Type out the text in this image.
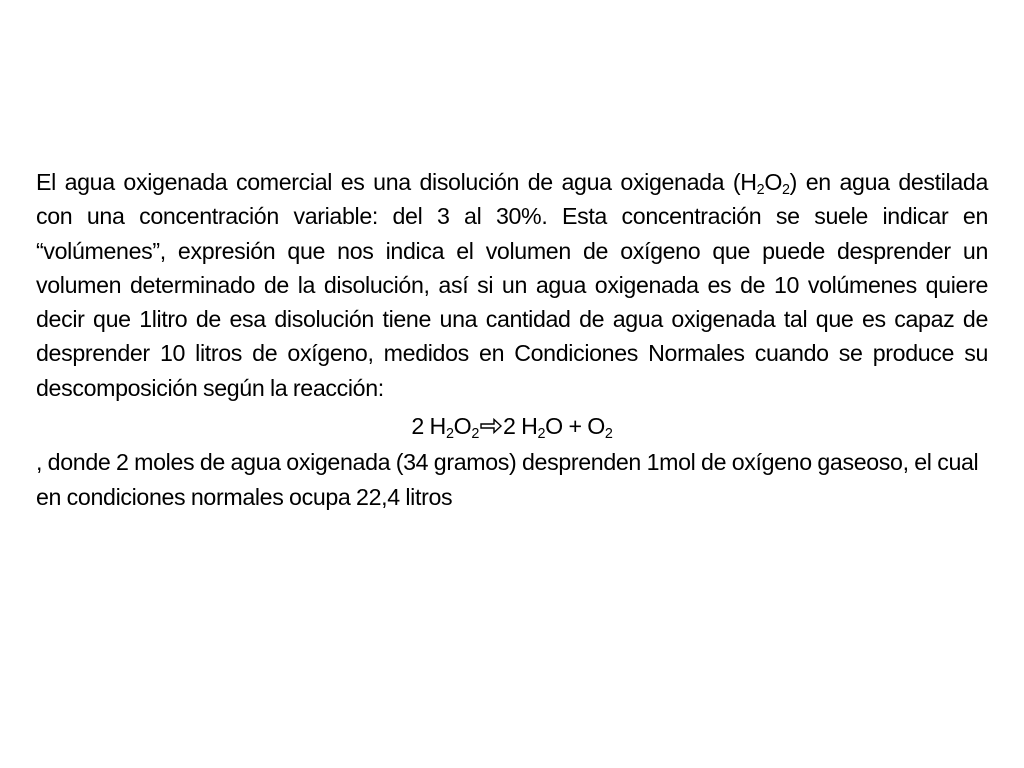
El agua oxigenada comercial es una disolución de agua oxigenada $(H_2O_2)$ en agua destilada con una concentración variable: del 3 al 30%. Esta concentración se suele indicar en “volúmenes”, expresión que nos indica el volumen de oxígeno que puede desprender un volumen determinado de la disolución, así si un agua oxigenada es de 10 volúmenes quiere decir que 1litro de esa disolución tiene una cantidad de agua oxigenada tal que es capaz de desprender 10 litros de oxígeno, medidos en Condiciones Normales cuando se produce su descomposición según la reacción:

2 $H_2O_2$ 2 $H_2O + O_2$

, donde 2 moles de agua oxigenada (34 gramos) desprenden 1mol de oxígeno gaseoso, el cual en condiciones normales ocupa 22,4 litros
